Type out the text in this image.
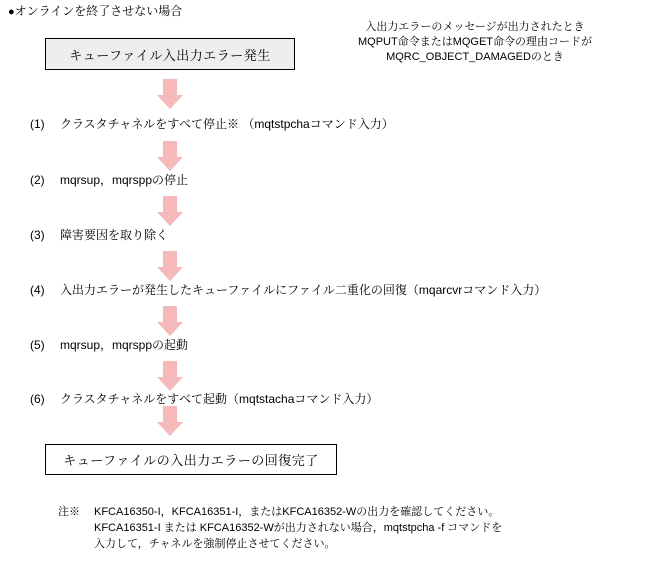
●オンラインを終了させない場合
キューファイル入出力エラー発生
入出力エラーのメッセージが出力されたとき
MQPUT命令またはMQGET命令の理由コードが
MQRC_OBJECT_DAMAGEDのとき
(1) クラスタチャネルをすべて停止※ （mqtstpchaコマンド入力）
(2) mqrsup，mqrsppの停止
(3) 障害要因を取り除く
(4) 入出力エラーが発生したキューファイルにファイル二重化の回復（mqarcvrコマンド入力）
(5) mqrsup，mqrsppの起動
(6) クラスタチャネルをすべて起動（mqtstachaコマンド入力）
キューファイルの入出力エラーの回復完了
注※ KFCA16350-I，KFCA16351-I，またはKFCA16352-Wの出力を確認してください。
KFCA16351-I または KFCA16352-Wが出力されない場合，mqtstpcha -f コマンドを
入力して，チャネルを強制停止させてください。
